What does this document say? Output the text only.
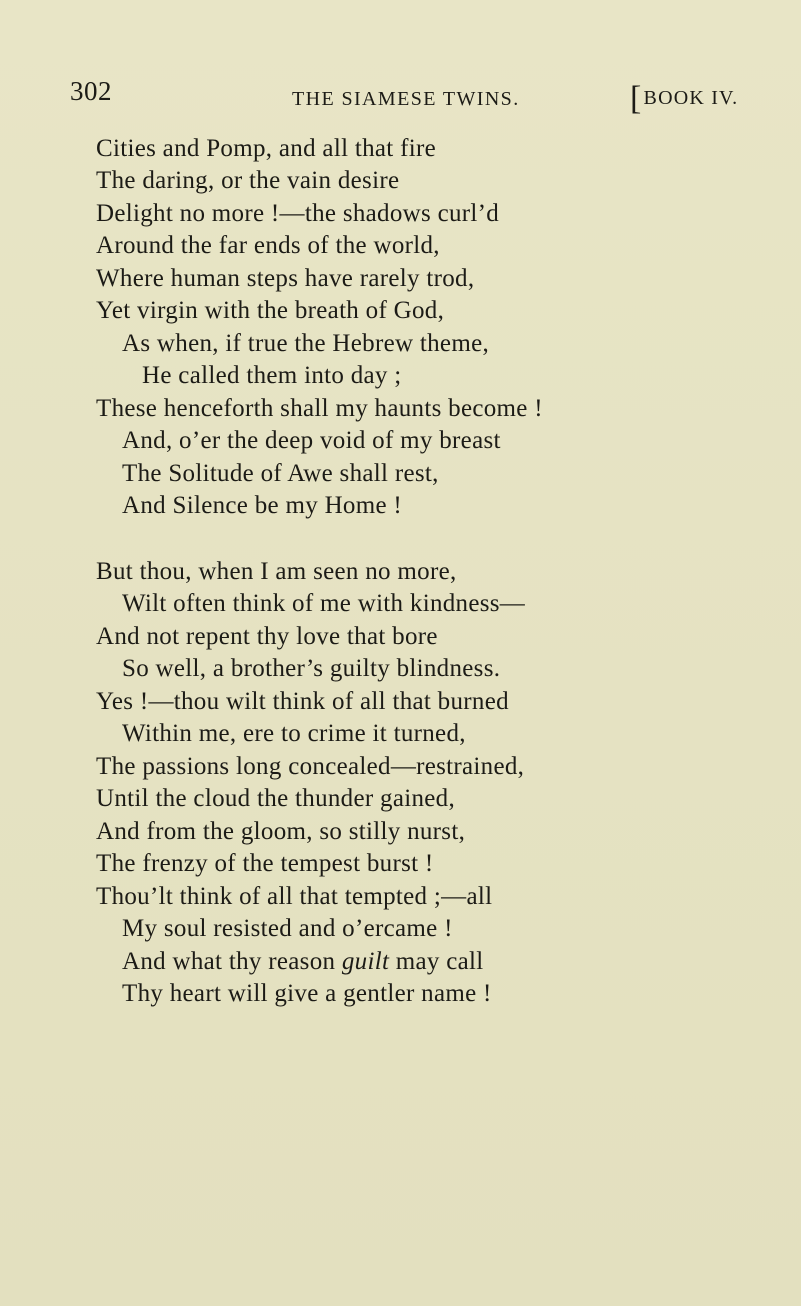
302	THE SIAMESE TWINS.	[BOOK IV.
Cities and Pomp, and all that fire
The daring, or the vain desire
Delight no more !—the shadows curl’d
Around the far ends of the world,
Where human steps have rarely trod,
Yet virgin with the breath of God,
As when, if true the Hebrew theme,
He called them into day ;
These henceforth shall my haunts become !
And, o’er the deep void of my breast
The Solitude of Awe shall rest,
And Silence be my Home !
But thou, when I am seen no more,
Wilt often think of me with kindness—
And not repent thy love that bore
So well, a brother’s guilty blindness.
Yes !—thou wilt think of all that burned
Within me, ere to crime it turned,
The passions long concealed—restrained,
Until the cloud the thunder gained,
And from the gloom, so stilly nurst,
The frenzy of the tempest burst !
Thou’lt think of all that tempted ;—all
My soul resisted and o’ercame !
And what thy reason guilt may call
Thy heart will give a gentler name !
